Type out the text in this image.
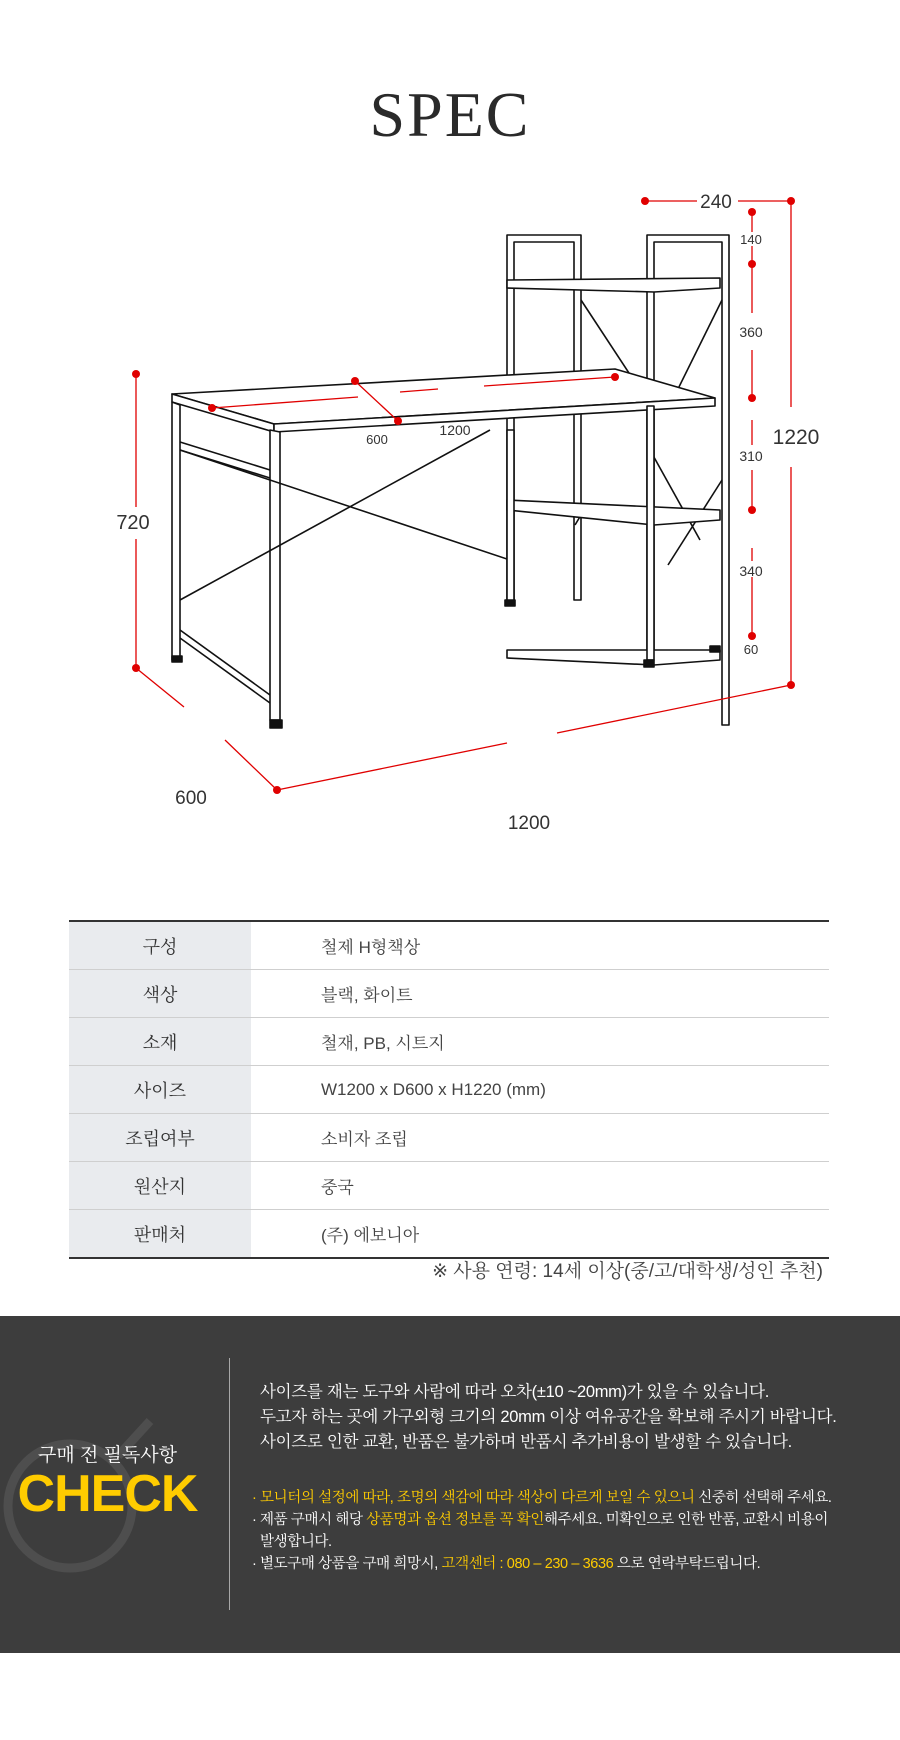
SPEC
240
1220
720
600
1200
600
1200
140
360
310
340
60
구성	철제 H형책상
색상	블랙, 화이트
소재	철재, PB, 시트지
사이즈	W1200 x D600 x H1220 (mm)
조립여부	소비자 조립
원산지	중국
판매처	(주) 에보니아
※ 사용 연령: 14세 이상(중/고/대학생/성인 추천)
구매 전 필독사항
CHECK

사이즈를 재는 도구와 사람에 따라 오차(±10 ~20mm)가 있을 수 있습니다.

두고자 하는 곳에 가구외형 크기의 20mm 이상 여유공간을 확보해 주시기 바랍니다.

사이즈로 인한 교환, 반품은 불가하며 반품시 추가비용이 발생할 수 있습니다.

· 모니터의 설정에 따라, 조명의 색감에 따라 색상이 다르게 보일 수 있으니 신중히 선택해 주세요.

· 제품 구매시 해당 상품명과 옵션 정보를 꼭 확인해주세요. 미확인으로 인한 반품, 교환시 비용이

발생합니다.

· 별도구매 상품을 구매 희망시, 고객센터 : 080 – 230 – 3636 으로 연락부탁드립니다.
